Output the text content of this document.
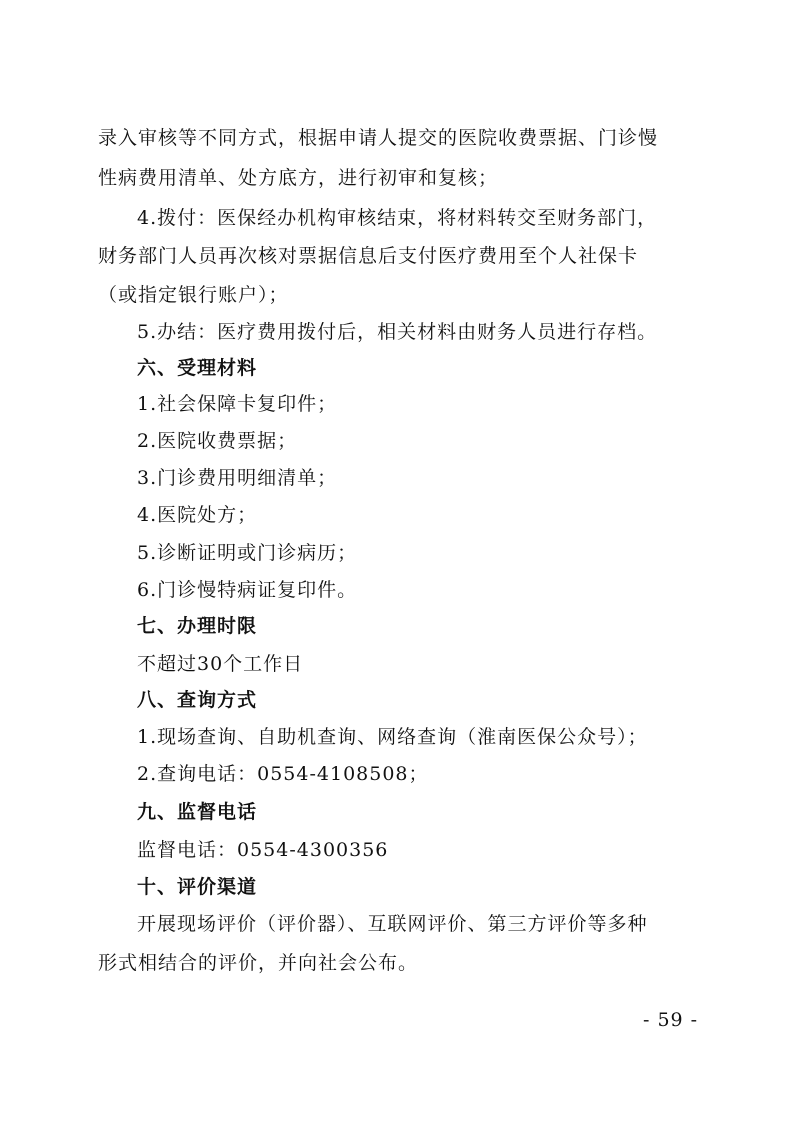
录入审核等不同方式，根据申请人提交的医院收费票据、门诊慢
性病费用清单、处方底方，进行初审和复核；
4.拨付：医保经办机构审核结束，将材料转交至财务部门，
财务部门人员再次核对票据信息后支付医疗费用至个人社保卡
（或指定银行账户）；
5.办结：医疗费用拨付后，相关材料由财务人员进行存档。
六、受理材料
1.社会保障卡复印件；
2.医院收费票据；
3.门诊费用明细清单；
4.医院处方；
5.诊断证明或门诊病历；
6.门诊慢特病证复印件。
七、办理时限
不超过30个工作日
八、查询方式
1.现场查询、自助机查询、网络查询（淮南医保公众号）；
2.查询电话：0554-4108508；
九、监督电话
监督电话：0554-4300356
十、评价渠道
开展现场评价（评价器）、互联网评价、第三方评价等多种
形式相结合的评价，并向社会公布。
- 59 -
